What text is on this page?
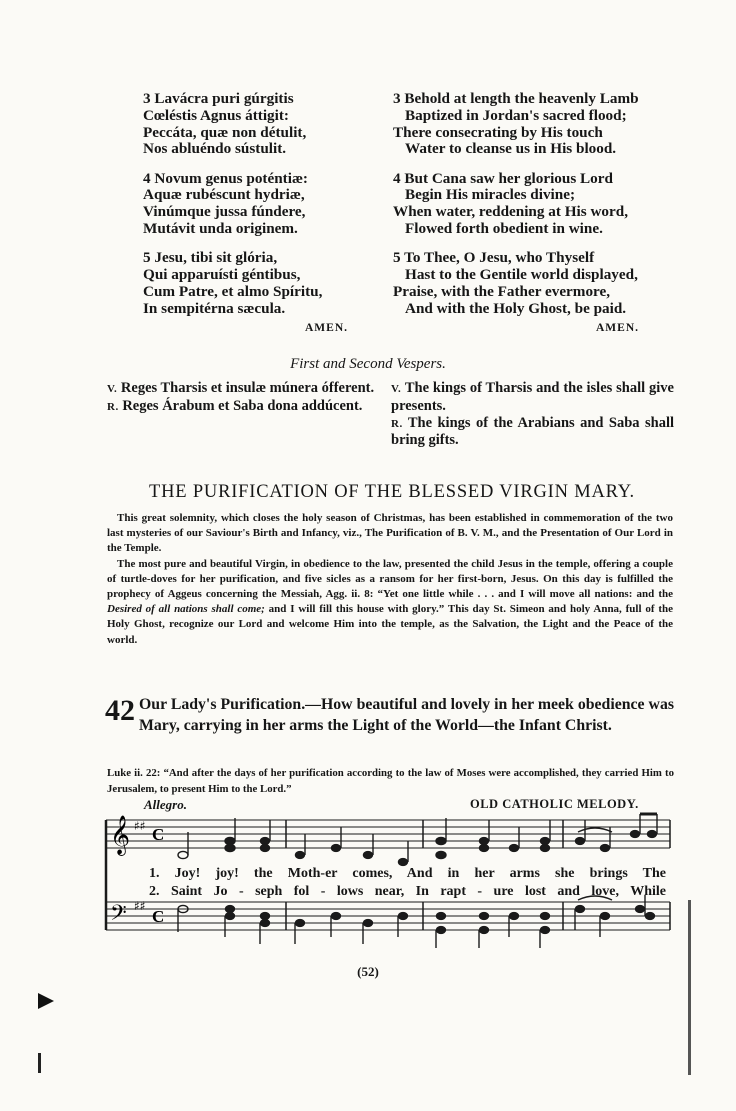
3 Lavácra puri gúrgitis
Cœléstis Agnus áttigit:
Peccáta, quæ non détulit,
Nos abluéndo sústulit.
4 Novum genus poténtiæ:
Aquæ rubéscunt hydriæ,
Vinúmque jussa fúndere,
Mutávit unda originem.
5 Jesu, tibi sit glória,
Qui apparuísti géntibus,
Cum Patre, et almo Spíritu,
In sempitérna sæcula.
AMEN.
3 Behold at length the heavenly Lamb
Baptized in Jordan's sacred flood;
There consecrating by His touch
Water to cleanse us in His blood.
4 But Cana saw her glorious Lord
Begin His miracles divine;
When water, reddening at His word,
Flowed forth obedient in wine.
5 To Thee, O Jesu, who Thyself
Hast to the Gentile world displayed,
Praise, with the Father evermore,
And with the Holy Ghost, be paid.
AMEN.
First and Second Vespers.
V. Reges Tharsis et insulæ múnera ófferent.
R. Reges Árabum et Saba dona addúcent.
V. The kings of Tharsis and the isles shall give presents.
R. The kings of the Arabians and Saba shall bring gifts.
THE PURIFICATION OF THE BLESSED VIRGIN MARY.

This great solemnity, which closes the holy season of Christmas, has been established in commemoration of the two last mysteries of our Saviour's Birth and Infancy, viz., The Purification of B. V. M., and the Presentation of Our Lord in the Temple.

The most pure and beautiful Virgin, in obedience to the law, presented the child Jesus in the temple, offering a couple of turtle-doves for her purification, and five sicles as a ransom for her first-born, Jesus. On this day is fulfilled the prophecy of Aggeus concerning the Messiah, Agg. ii. 8: “Yet one little while . . . and I will move all nations: and the Desired of all nations shall come; and I will fill this house with glory.” This day St. Simeon and holy Anna, full of the Holy Ghost, recognize our Lord and welcome Him into the temple, as the Salvation, the Light and the Peace of the world.

42 Our Lady's Purification.—How beautiful and lovely in her meek obedience was Mary, carrying in her arms the Light of the World—the Infant Christ.
Luke ii. 22: “And after the days of her purification according to the law of Moses were accomplished, they carried Him to Jerusalem, to present Him to the Lord.”
Allegro.	OLD CATHOLIC MELODY.
𝄞
𝄢
♯♯
♯♯
C
C
1. Joy! joy! the Moth-er comes, And in her arms she brings The
2. Saint Jo - seph fol - lows near, In rapt - ure lost and love, While
(52)
